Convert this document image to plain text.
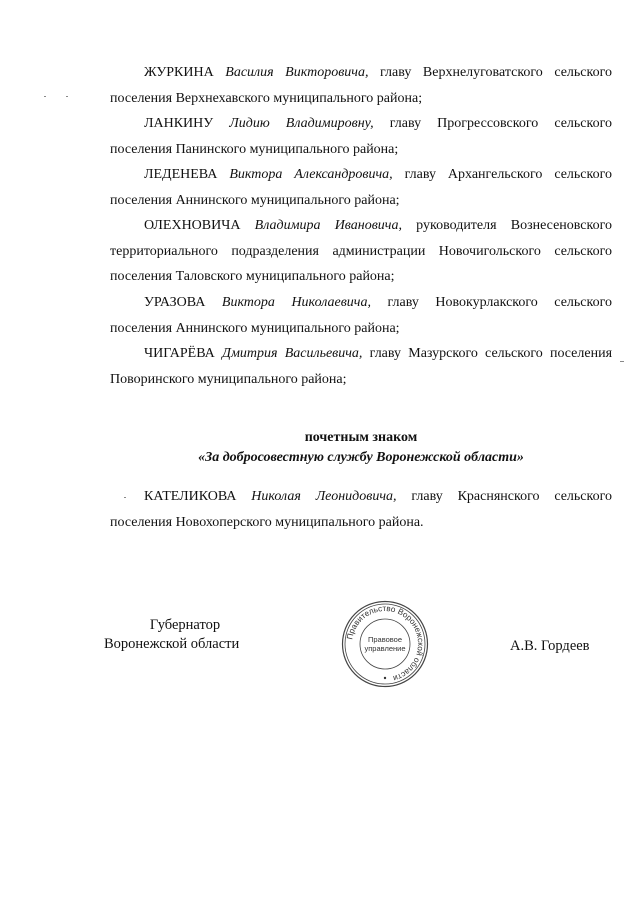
ЖУРКИНА Василия Викторовича, главу Верхнелуговатского сельского поселения Верхнехавского муниципального района;

ЛАНКИНУ Лидию Владимировну, главу Прогрессовского сельского поселения Панинского муниципального района;

ЛЕДЕНЕВА Виктора Александровича, главу Архангельского сельского поселения Аннинского муниципального района;

ОЛЕХНОВИЧА Владимира Ивановича, руководителя Вознесеновского территориального подразделения администрации Новочигольского сельского поселения Таловского муниципального района;

УРАЗОВА Виктора Николаевича, главу Новокурлакского сельского поселения Аннинского муниципального района;

ЧИГАРЁВА Дмитрия Васильевича, главу Мазурского сельского поселения Поворинского муниципального района;

почетным знаком
«За добросовестную службу Воронежской области»

КАТЕЛИКОВА Николая Леонидовича, главу Краснянского сельского поселения Новохоперского муниципального района.

Губернатор
Воронежской области	А.В. Гордеев
Правительство Воронежской области
Правовое
управление
